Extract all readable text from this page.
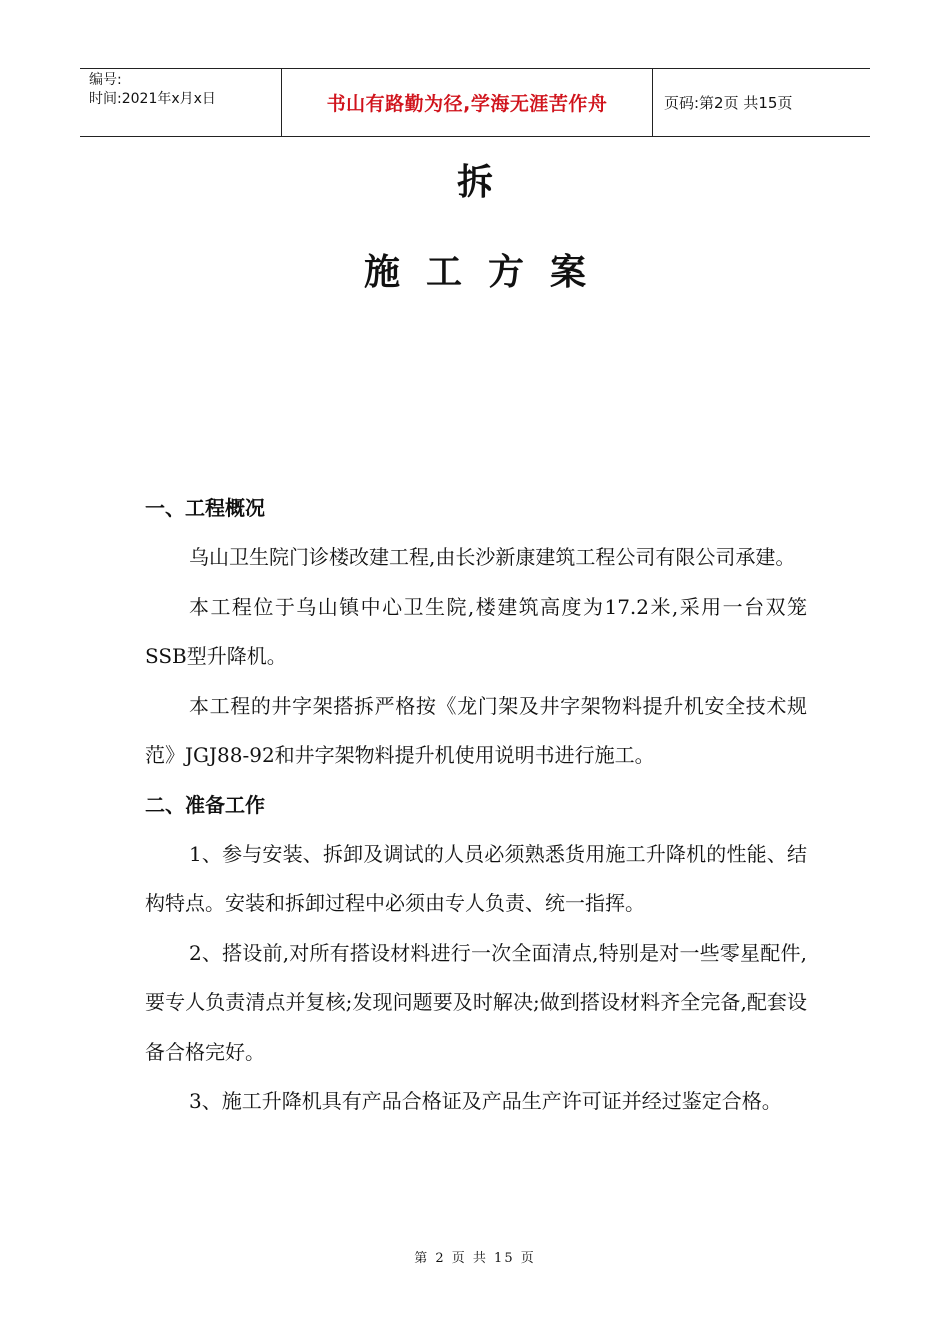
编号:
时间:2021年x月x日	书山有路勤为径,学海无涯苦作舟	页码:第2页 共15页
拆
施工方案

一、工程概况

乌山卫生院门诊楼改建工程,由长沙新康建筑工程公司有限公司承建。

本工程位于乌山镇中心卫生院,楼建筑高度为17.2米,采用一台双笼SSB型升降机。

本工程的井字架搭拆严格按《龙门架及井字架物料提升机安全技术规范》JGJ88-92和井字架物料提升机使用说明书进行施工。

二、准备工作

1、参与安装、拆卸及调试的人员必须熟悉货用施工升降机的性能、结构特点。安装和拆卸过程中必须由专人负责、统一指挥。

2、搭设前,对所有搭设材料进行一次全面清点,特别是对一些零星配件,要专人负责清点并复核;发现问题要及时解决;做到搭设材料齐全完备,配套设备合格完好。

3、施工升降机具有产品合格证及产品生产许可证并经过鉴定合格。

第 2 页 共 15 页
